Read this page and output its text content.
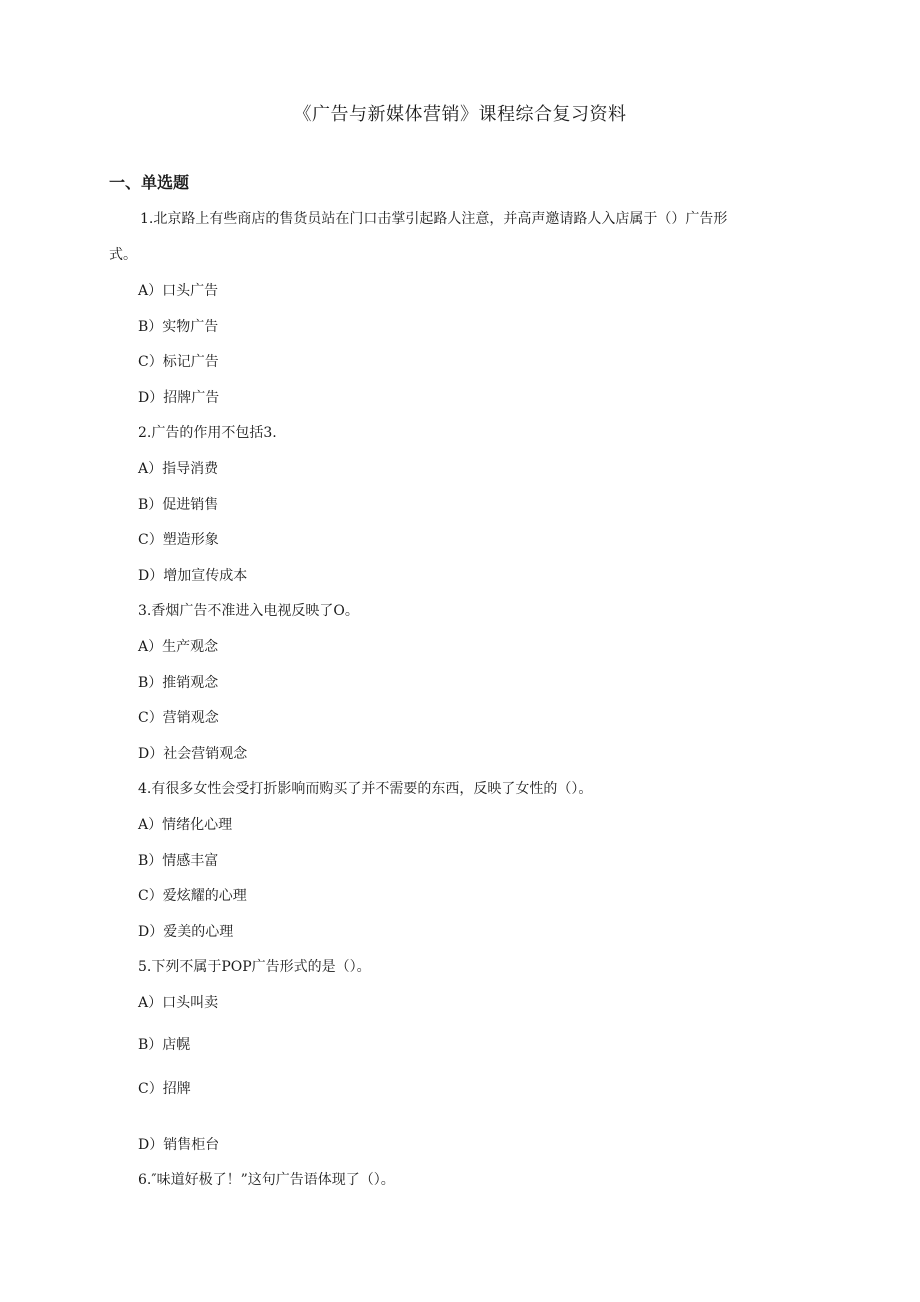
《广告与新媒体营销》课程综合复习资料
一、单选题
1.北京路上有些商店的售货员站在门口击掌引起路人注意，并高声邀请路人入店属于（）广告形
式。
A）口头广告
B）实物广告
C）标记广告
D）招牌广告
2.广告的作用不包括3.
A）指导消费
B）促进销售
C）塑造形象
D）增加宣传成本
3.香烟广告不准进入电视反映了O。
A）生产观念
B）推销观念
C）营销观念
D）社会营销观念
4.有很多女性会受打折影响而购买了并不需要的东西，反映了女性的（）。
A）情绪化心理
B）情感丰富
C）爱炫耀的心理
D）爱美的心理
5.下列不属于POP广告形式的是（）。
A）口头叫卖
B）店幌
C）招牌
D）销售柜台
6.″味道好极了！”这句广告语体现了（）。
